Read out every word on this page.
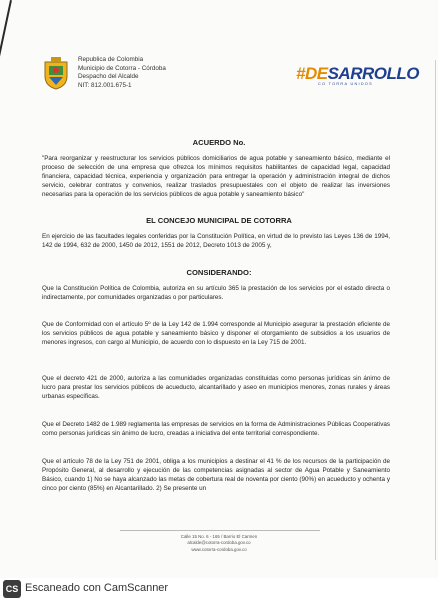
Republica de Colombia
Municipio de Cotorra - Córdoba
Despacho del Alcalde
NIT: 812.001.675-1
#DESARROLLO
CO TORRA UNIDOS
ACUERDO No.
"Para reorganizar y reestructurar los servicios públicos domiciliarios de agua potable y saneamiento básico, mediante el proceso de selección de una empresa que ofrezca los mínimos requisitos habilitantes de capacidad legal, capacidad financiera, capacidad técnica, experiencia y organización para entregar la operación y administración integral de dichos servicio, celebrar contratos y convenios, realizar traslados presupuestales con el objeto de realizar las inversiones necesarias para la operación de los servicios públicos de agua potable y saneamiento básico"
EL CONCEJO MUNICIPAL DE COTORRA
En ejercicio de las facultades legales conferidas por la Constitución Política, en virtud de lo previsto las Leyes 136 de 1994, 142 de 1994, 632 de 2000, 1450 de 2012, 1551 de 2012, Decreto 1013 de 2005 y,
CONSIDERANDO:
Que la Constitución Política de Colombia, autoriza en su artículo 365 la prestación de los servicios por el estado directa o indirectamente, por comunidades organizadas o por particulares.
Que de Conformidad con el artículo 5º de la Ley 142 de 1.994 corresponde al Municipio asegurar la prestación eficiente de los servicios públicos de agua potable y saneamiento básico y disponer el otorgamiento de subsidios a los usuarios de menores ingresos, con cargo al Municipio, de acuerdo con lo dispuesto en la Ley 715 de 2001.
Que el decreto 421 de 2000, autoriza a las comunidades organizadas constituidas como personas jurídicas sin ánimo de lucro para prestar los servicios públicos de acueducto, alcantarillado y aseo en municipios menores, zonas rurales y áreas urbanas específicas.
Que el Decreto 1482 de 1.989 reglamenta las empresas de servicios en la forma de Administraciones Públicas Cooperativas como personas jurídicas sin ánimo de lucro, creadas a iniciativa del ente territorial correspondiente.
Que el artículo 78 de la Ley 751 de 2001, obliga a los municipios a destinar el 41 % de los recursos de la participación de Propósito General, al desarrollo y ejecución de las competencias asignadas al sector de Agua Potable y Saneamiento Básico, cuando 1) No se haya alcanzado las metas de cobertura real de noventa por ciento (90%) en acueducto y ochenta y cinco por ciento (85%) en Alcantarillado. 2) Se presente un
Calle 15 No. 6 - 165 / Barrio El Carmen
alcalde@cotorra-cordoba.gov.co
www.cotorra-cordoba.gov.co
CS Escaneado con CamScanner
